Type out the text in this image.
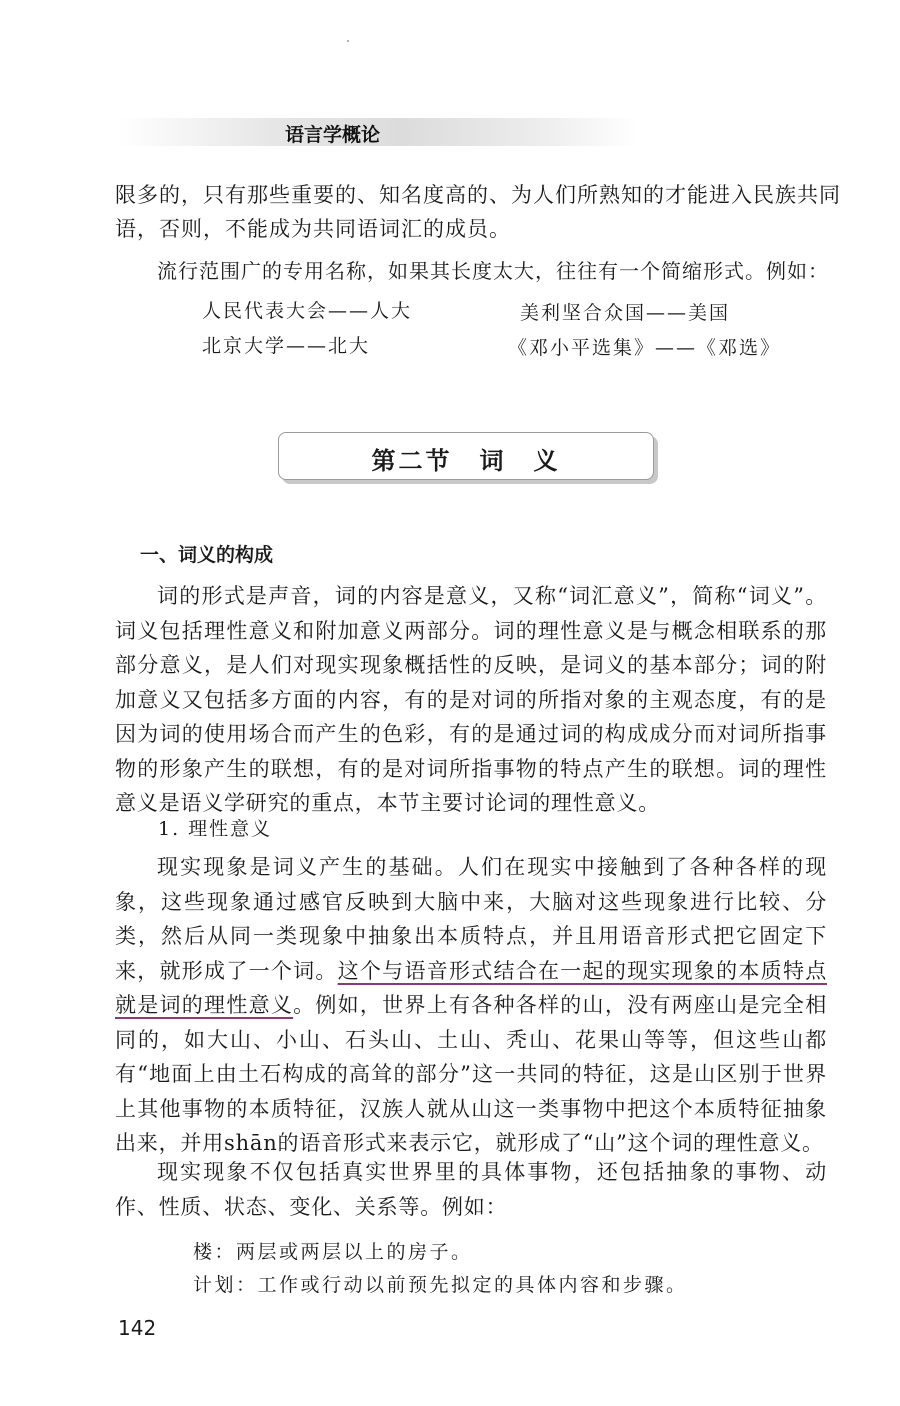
语言学概论
限多的，只有那些重要的、知名度高的、为人们所熟知的才能进入民族共同
语，否则，不能成为共同语词汇的成员。
流行范围广的专用名称，如果其长度太大，往往有一个简缩形式。例如：
人民代表大会——人大	美利坚合众国——美国
北京大学——北大	《邓小平选集》——《邓选》
第二节　词　义
一、词义的构成
词的形式是声音，词的内容是意义，又称“词汇意义”，简称“词义”。词义包括理性意义和附加意义两部分。词的理性意义是与概念相联系的那部分意义，是人们对现实现象概括性的反映，是词义的基本部分；词的附加意义又包括多方面的内容，有的是对词的所指对象的主观态度，有的是因为词的使用场合而产生的色彩，有的是通过词的构成成分而对词所指事物的形象产生的联想，有的是对词所指事物的特点产生的联想。词的理性意义是语义学研究的重点，本节主要讨论词的理性意义。
1. 理性意义
现实现象是词义产生的基础。人们在现实中接触到了各种各样的现象，这些现象通过感官反映到大脑中来，大脑对这些现象进行比较、分类，然后从同一类现象中抽象出本质特点，并且用语音形式把它固定下来，就形成了一个词。这个与语音形式结合在一起的现实现象的本质特点就是词的理性意义。例如，世界上有各种各样的山，没有两座山是完全相同的，如大山、小山、石头山、土山、秃山、花果山等等，但这些山都有“地面上由土石构成的高耸的部分”这一共同的特征，这是山区别于世界上其他事物的本质特征，汉族人就从山这一类事物中把这个本质特征抽象出来，并用shān的语音形式来表示它，就形成了“山”这个词的理性意义。
现实现象不仅包括真实世界里的具体事物，还包括抽象的事物、动作、性质、状态、变化、关系等。例如：
楼：两层或两层以上的房子。
计划：工作或行动以前预先拟定的具体内容和步骤。
142
